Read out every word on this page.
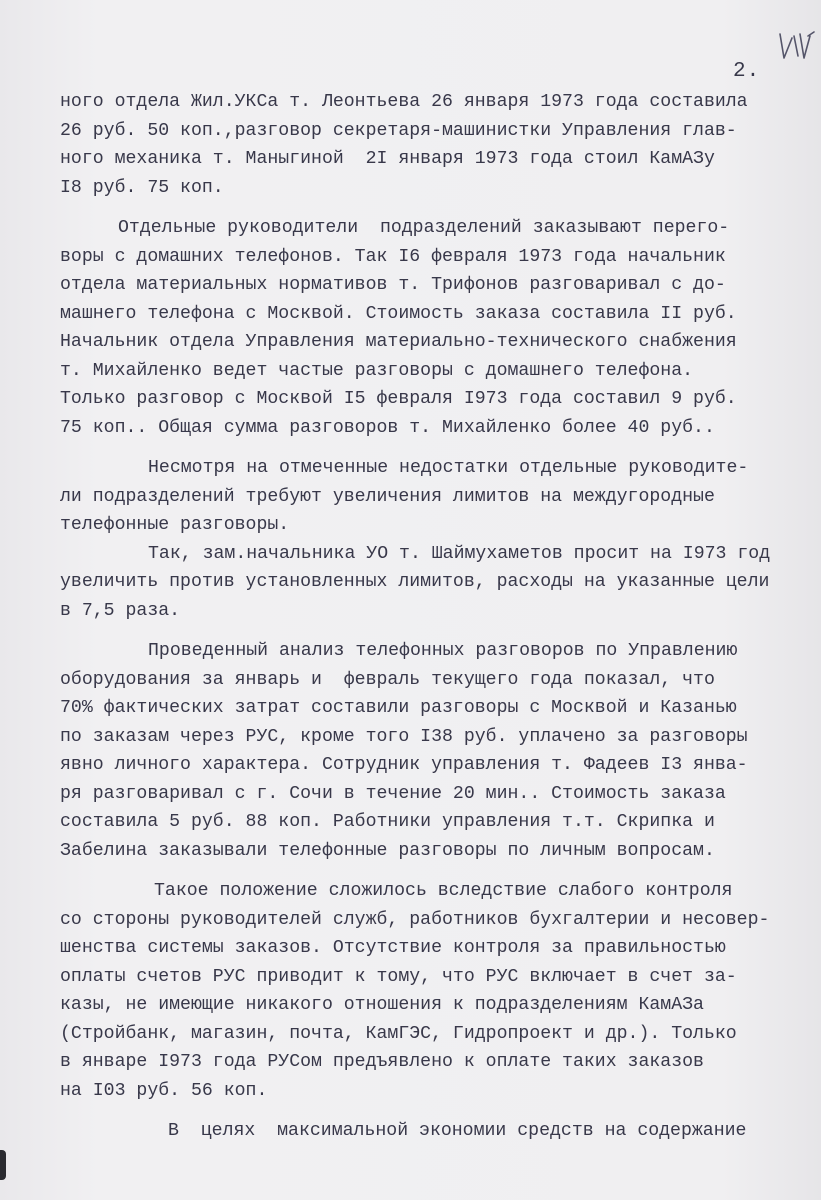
2.
ного отдела Жил.УКСа т. Леонтьева 26 января 1973 года составила
26 руб. 50 коп.,разговор секретаря-машинистки Управления глав-
ного механика т. Маныгиной  2I января 1973 года стоил КамАЗу
I8 руб. 75 коп.
Отдельные руководители  подразделений заказывают перего-
воры с домашних телефонов. Так I6 февраля 1973 года начальник
отдела материальных нормативов т. Трифонов разговаривал с до-
машнего телефона с Москвой. Стоимость заказа составила II руб.
Начальник отдела Управления материально-технического снабжения
т. Михайленко ведет частые разговоры с домашнего телефона.
Только разговор с Москвой I5 февраля I973 года составил 9 руб.
75 коп.. Общая сумма разговоров т. Михайленко более 40 руб..
Несмотря на отмеченные недостатки отдельные руководите-
ли подразделений требуют увеличения лимитов на междугородные
телефонные разговоры.
Так, зам.начальника УО т. Шаймухаметов просит на I973 год
увеличить против установленных лимитов, расходы на указанные цели
в 7,5 раза.
Проведенный анализ телефонных разговоров по Управлению
оборудования за январь и  февраль текущего года показал, что
70% фактических затрат составили разговоры с Москвой и Казанью
по заказам через РУС, кроме того I38 руб. уплачено за разговоры
явно личного характера. Сотрудник управления т. Фадеев I3 янва-
ря разговаривал с г. Сочи в течение 20 мин.. Стоимость заказа
составила 5 руб. 88 коп. Работники управления т.т. Скрипка и
Забелина заказывали телефонные разговоры по личным вопросам.
Такое положение сложилось вследствие слабого контроля
со стороны руководителей служб, работников бухгалтерии и несовер-
шенства системы заказов. Отсутствие контроля за правильностью
оплаты счетов РУС приводит к тому, что РУС включает в счет за-
казы, не имеющие никакого отношения к подразделениям КамАЗа
(Стройбанк, магазин, почта, КамГЭС, Гидропроект и др.). Только
в январе I973 года РУСом предъявлено к оплате таких заказов
на I03 руб. 56 коп.
В  целях  максимальной экономии средств на содержание
